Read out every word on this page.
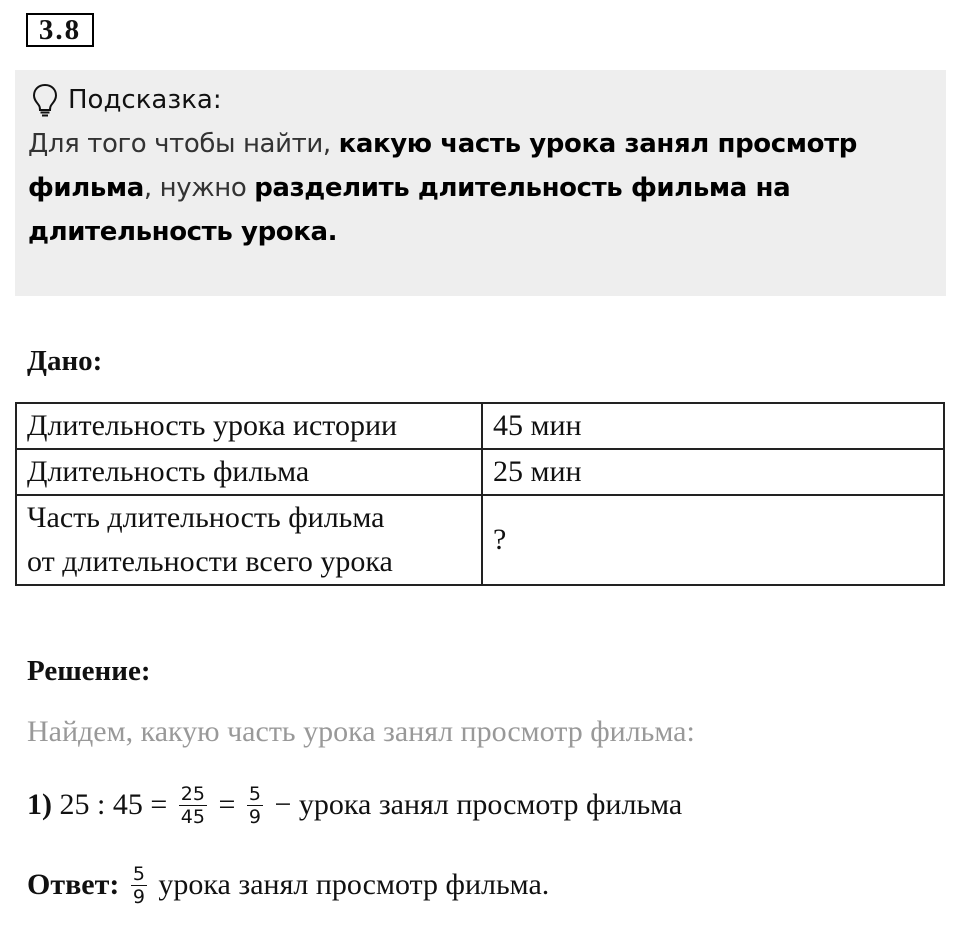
3.8
Подсказка:
Для того чтобы найти, какую часть урока занял просмотр фильма, нужно разделить длительность фильма на длительность урока.
Дано:
Длительность урока истории	45 мин
Длительность фильма	25 мин

Часть длительность фильма
от длительности всего урока	?
Решение:
Найдем, какую часть урока занял просмотр фильма:
1) 25 : $45 = \frac{25}{45} = \frac{5}{9}$ − урока занял просмотр фильма
Ответ:
$\frac{5}{9}$ урока занял просмотр фильма.
